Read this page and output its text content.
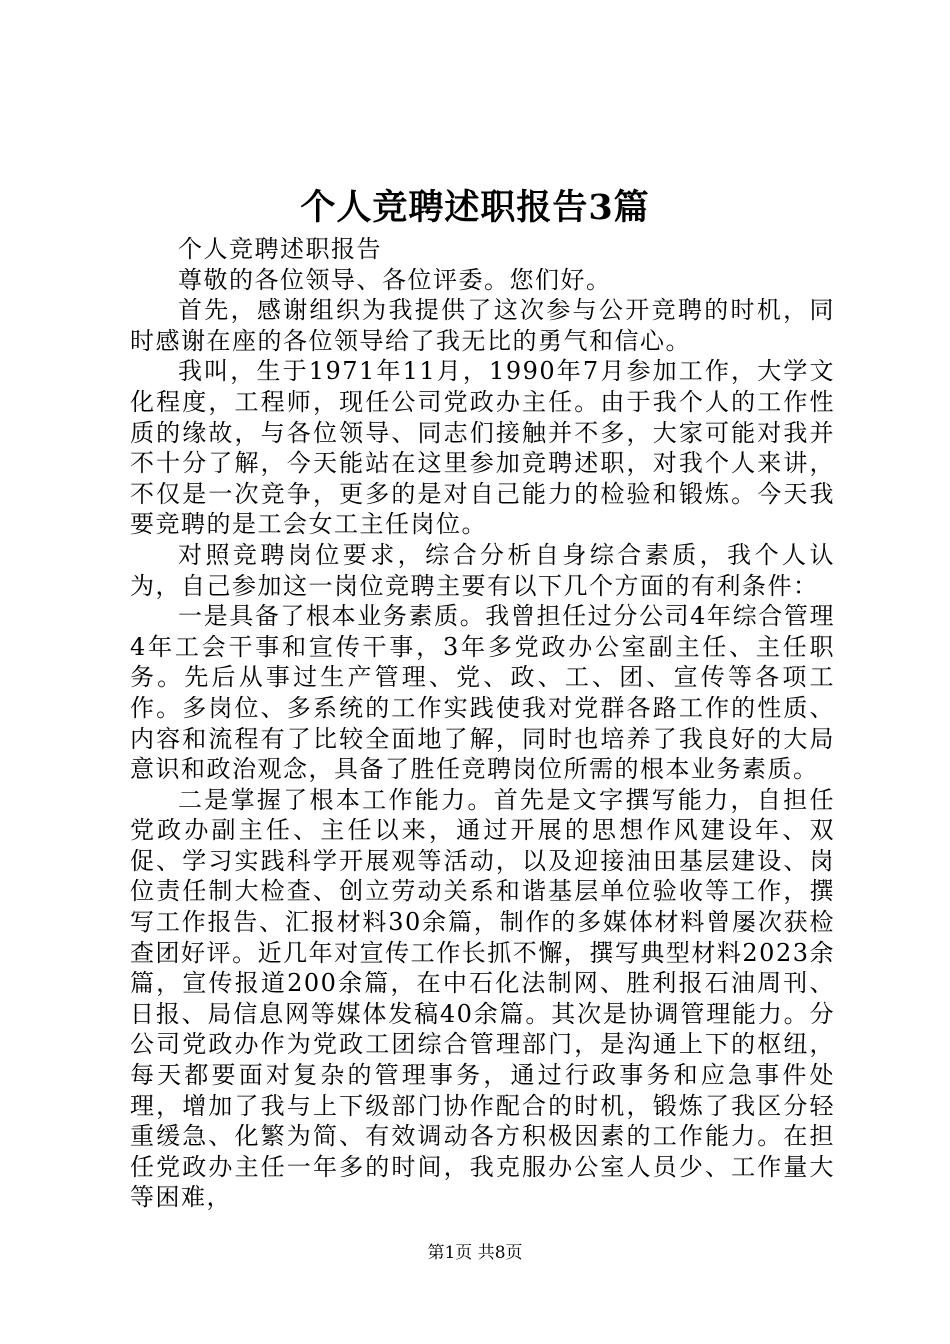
个人竞聘述职报告3篇

个人竞聘述职报告

尊敬的各位领导、各位评委。您们好。

首先，感谢组织为我提供了这次参与公开竞聘的时机，同时感谢在座的各位领导给了我无比的勇气和信心。

我叫，生于1971年11月，1990年7月参加工作，大学文化程度，工程师，现任公司党政办主任。由于我个人的工作性质的缘故，与各位领导、同志们接触并不多，大家可能对我并不十分了解，今天能站在这里参加竞聘述职，对我个人来讲，不仅是一次竞争，更多的是对自己能力的检验和锻炼。今天我要竞聘的是工会女工主任岗位。

对照竞聘岗位要求，综合分析自身综合素质，我个人认为，自己参加这一岗位竞聘主要有以下几个方面的有利条件：

一是具备了根本业务素质。我曾担任过分公司4年综合管理4年工会干事和宣传干事，3年多党政办公室副主任、主任职务。先后从事过生产管理、党、政、工、团、宣传等各项工作。多岗位、多系统的工作实践使我对党群各路工作的性质、内容和流程有了比较全面地了解，同时也培养了我良好的大局意识和政治观念，具备了胜任竞聘岗位所需的根本业务素质。

二是掌握了根本工作能力。首先是文字撰写能力，自担任党政办副主任、主任以来，通过开展的思想作风建设年、双促、学习实践科学开展观等活动，以及迎接油田基层建设、岗位责任制大检查、创立劳动关系和谐基层单位验收等工作，撰写工作报告、汇报材料30余篇，制作的多媒体材料曾屡次获检查团好评。近几年对宣传工作长抓不懈，撰写典型材料2023余篇，宣传报道200余篇，在中石化法制网、胜利报石油周刊、日报、局信息网等媒体发稿40余篇。其次是协调管理能力。分公司党政办作为党政工团综合管理部门，是沟通上下的枢纽，每天都要面对复杂的管理事务，通过行政事务和应急事件处理，增加了我与上下级部门协作配合的时机，锻炼了我区分轻重缓急、化繁为简、有效调动各方积极因素的工作能力。在担任党政办主任一年多的时间，我克服办公室人员少、工作量大等困难，

第1页 共8页
